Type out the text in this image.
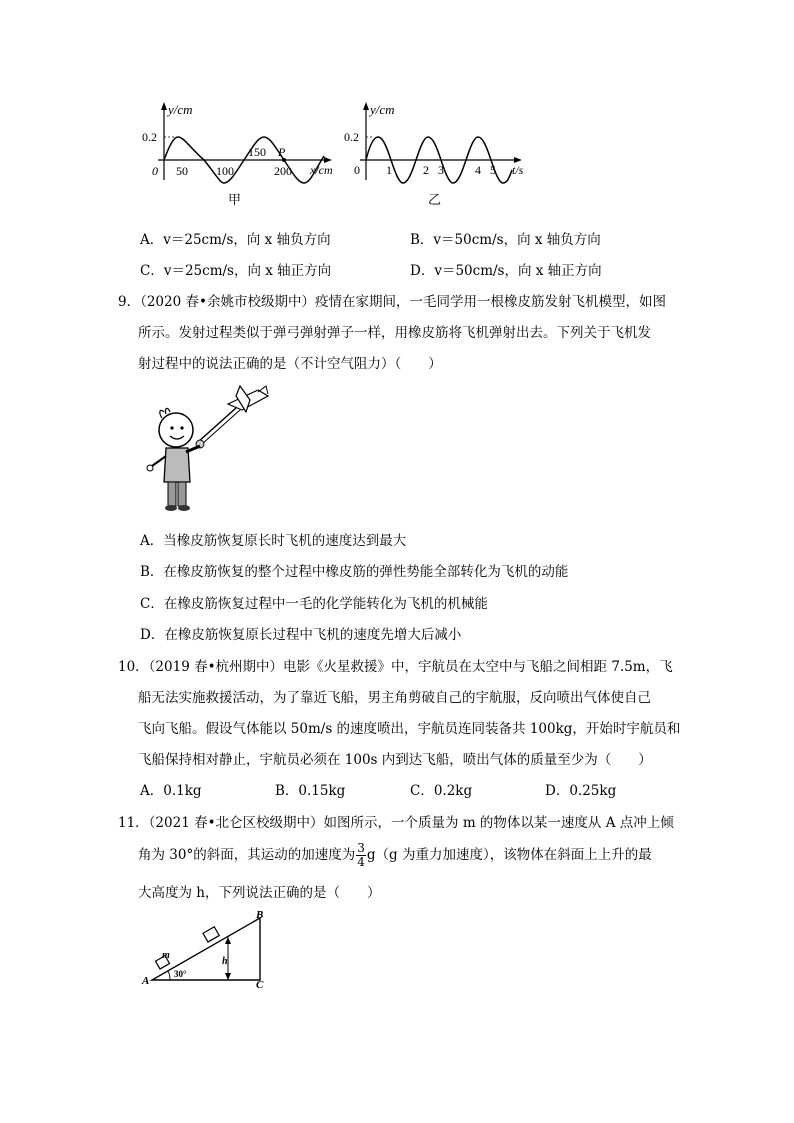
y/cm
0.2
0 50 100
150 P
200 x/cm
甲
y/cm
0.2
0 1	2 3	4 5 t/s
乙
A．v＝25cm/s，向 x 轴负方向	B．v＝50cm/s，向 x 轴负方向
C．v＝25cm/s，向 x 轴正方向	D．v＝50cm/s，向 x 轴正方向
9．（2020 春•余姚市校级期中）疫情在家期间，一毛同学用一根橡皮筋发射飞机模型，如图
所示。发射过程类似于弹弓弹射弹子一样，用橡皮筋将飞机弹射出去。下列关于飞机发
射过程中的说法正确的是（不计空气阻力）（　　）
A．当橡皮筋恢复原长时飞机的速度达到最大
B．在橡皮筋恢复的整个过程中橡皮筋的弹性势能全部转化为飞机的动能
C．在橡皮筋恢复过程中一毛的化学能转化为飞机的机械能
D．在橡皮筋恢复原长过程中飞机的速度先增大后减小
10．（2019 春•杭州期中）电影《火星救援》中，宇航员在太空中与飞船之间相距 7.5m，飞
船无法实施救援活动，为了靠近飞船，男主角剪破自己的宇航服，反向喷出气体使自己
飞向飞船。假设气体能以 50m/s 的速度喷出，宇航员连同装备共 100kg，开始时宇航员和
飞船保持相对静止，宇航员必须在 100s 内到达飞船，喷出气体的质量至少为（　　）
A．0.1kg	B．0.15kg	C．0.2kg	D．0.25kg
11．（2021 春•北仑区校级期中）如图所示，一个质量为 m 的物体以某一速度从 A 点冲上倾
角为 30°的斜面，其运动的加速度为 $\frac{3}{4} g(g$ 为重力加速度），该物体在斜面上上升的最
大高度为 h，下列说法正确的是（　　）
A
B
C
m
h
30°
